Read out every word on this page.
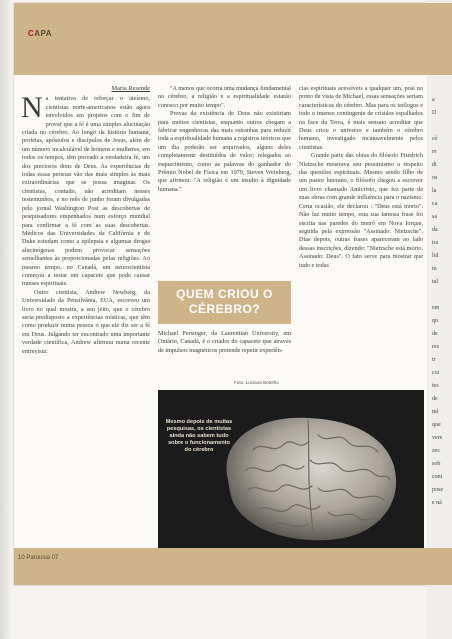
CAPA
Maria Resende

Na tentativa de reforçar o ateísmo, cientistas norte-americanos estão agora envolvidos em projetos com o fim de provar que a fé é uma simples alucinação criada no cérebro. Ao longo da história humana, profetas, apóstolos e discípulos de Jesus, além de um número incalculável de homens e mulheres, em todos os tempos, têm provado a verdadeira fé, um dos preciosos dons de Deus. As experiências de todas essas pessoas vão das mais simples às mais extraordinárias que se possa imaginar. Os cientistas, contudo, não acreditam nesses testemunhos, e no mês de junho foram divulgadas pelo jornal Washington Post as descobertas de pesquisadores empenhados num esforço mundial para confirmar a fé com as suas descobertas. Médicos das Universidades da Califórnia e de Duke estudam como a epilepsia e algumas drogas alucinógenas podem provocar sensações semelhantes às proporcionadas pelas religiões. Ao mesmo tempo, no Canadá, um neurocientista começou a testar um capacete que pode causar transes espirituais.

Outro cientista, Andrew Newberg, da Universidade da Pensilvânia, EUA, escreveu um livro no qual mostra, a seu jeito, que o cérebro seria predisposto a experiências místicas, que têm como produzir numa pessoa o que ele diz ser a fé em Deus. Julgando ter encontrado uma importante verdade científica, Andrew afirmou numa recente entrevista:

"A menos que ocorra uma mudança fundamental no cérebro, a religião e a espiritualidade estarão conosco por muito tempo".

Provas da existência de Deus não existiriam para muitos cientistas, enquanto outros chegam a fabricar engenhocas das mais estranhas para reduzir toda a espiritualidade humana a registros teóricos que um dia poderão ser arquivados, alguns deles completamente destituídos de valor; relegados ao esquecimento, como as palavras do ganhador do Prêmio Nobel de Física em 1979, Steven Weinberg, que afirmou: "A religião é um insulto à dignidade humana."

QUEM CRIOU O CÉREBRO?

Michael Persinger, da Laurentian University, em Ontário, Canadá, é o criador do capacete que através de impulsos magnéticos pretende repetir experiên-

cias espirituais acessíveis a qualquer um, posi no ponto de vista de Michael, essas sensações seriam características do cérebro. Mas para os teólogos e todo o imenso contingente de cristãos espalhados na face da Terra, é mais sensato acreditar que Deus criou o universo e também o cérebro humano, investigado incansavelmente pelos cientistas.

Grande parte das obras do filósofo Friedrich Nietzsche mostrava seu pessimismo a respeito das questões espirituais. Mesmo sendo filho de um pastor luterano, o filósofo chegou a escrever um livro chamado Anticristo, que fez parte de suas obras com grande influência para o nazismo. Certa ocasião, ele declarou : "Deus está morto". Não faz muito tempo, esta sua famosa frase foi escrita nas paredes do metrô em Nova Iorque, seguida pela expressão "Assinado: Nietzsche". Dias depois, outras frases apareceram ao lado dessas inscrições, dizendo: "Nietzsche está morto. Assinado: Deus". O fato serve para mostrar que tudo e todas

Foto: Luciana Botelho
Mesmo depois de muitas pesquisas, os cientistas ainda não sabem tudo sobre o funcionamento do cérebro
10 Parousia 07
a
D
cé
re
di
os
la
ca
sa
da
tra
lid
m
tal
em
qu
de
res
tr
coi
tes
de
mí
que
vere
zec
sob
cont
pose
e nã
